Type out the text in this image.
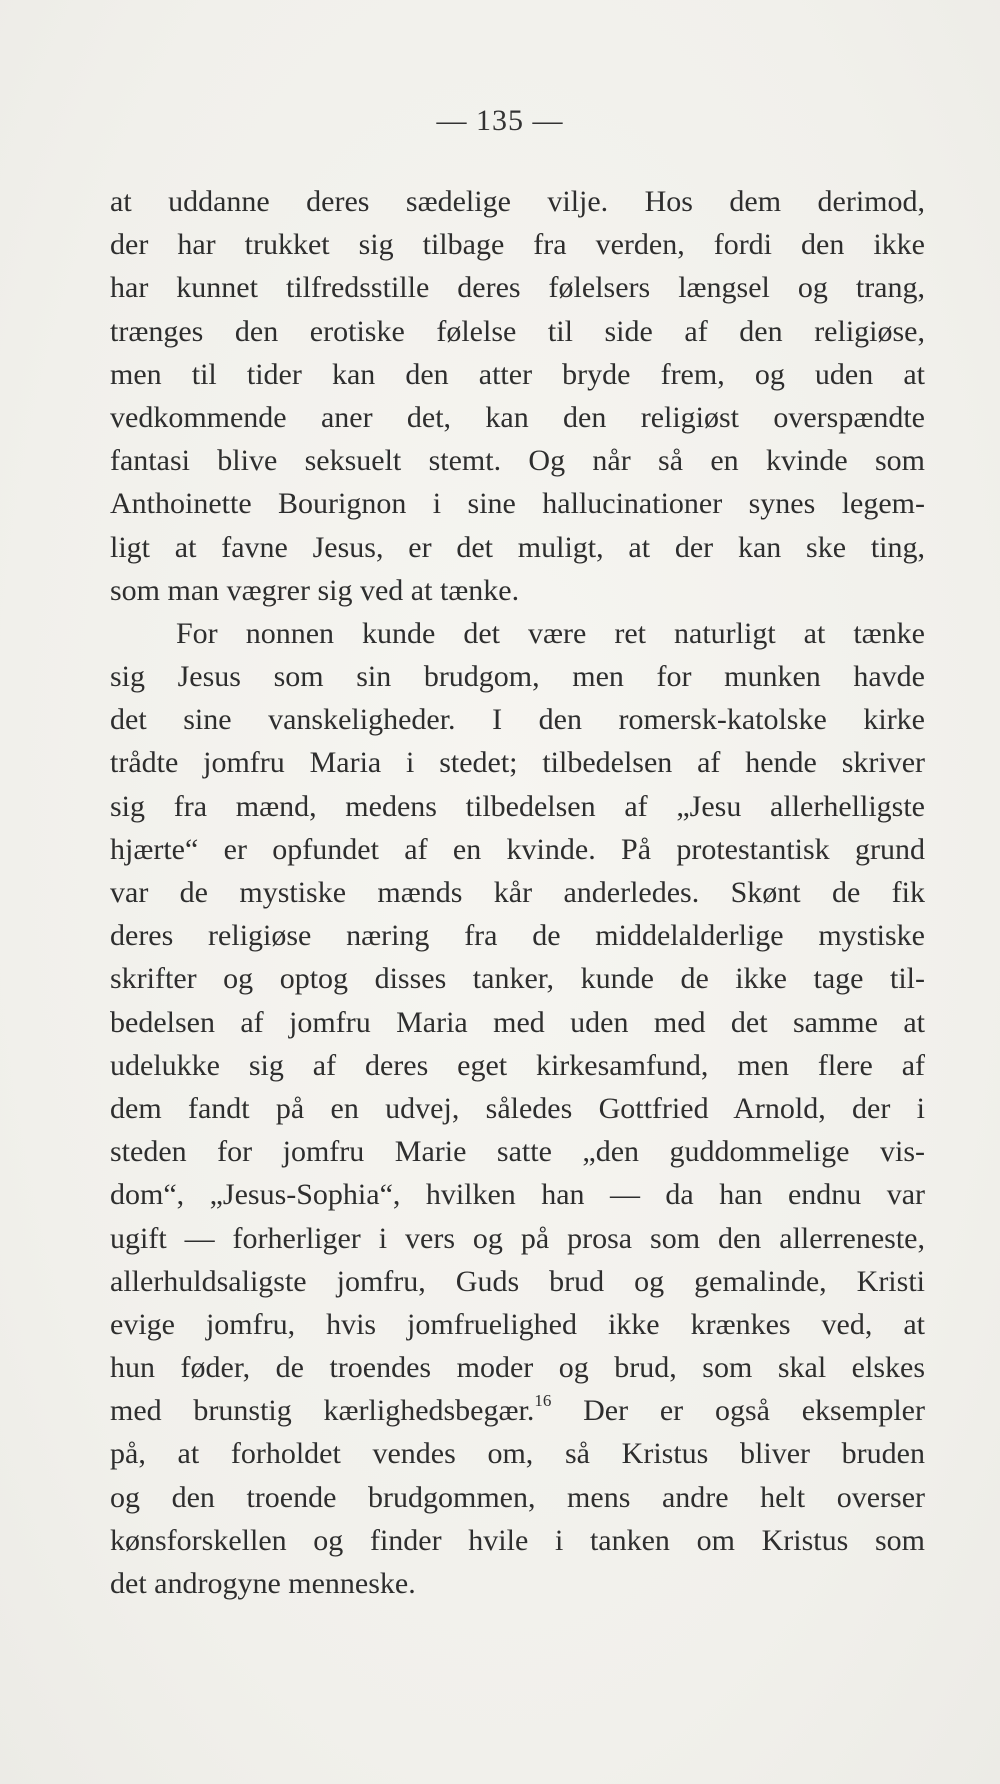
— 135 —
at uddanne deres sædelige vilje. Hos dem derimod,
der har trukket sig tilbage fra verden, fordi den ikke
har kunnet tilfredsstille deres følelsers længsel og trang,
trænges den erotiske følelse til side af den religiøse,
men til tider kan den atter bryde frem, og uden at
vedkommende aner det, kan den religiøst overspændte
fantasi blive seksuelt stemt. Og når så en kvinde som
Anthoinette Bourignon i sine hallucinationer synes legem-
ligt at favne Jesus, er det muligt, at der kan ske ting,
som man vægrer sig ved at tænke.
For nonnen kunde det være ret naturligt at tænke
sig Jesus som sin brudgom, men for munken havde
det sine vanskeligheder. I den romersk-katolske kirke
trådte jomfru Maria i stedet; tilbedelsen af hende skriver
sig fra mænd, medens tilbedelsen af „Jesu allerhelligste
hjærte“ er opfundet af en kvinde. På protestantisk grund
var de mystiske mænds kår anderledes. Skønt de fik
deres religiøse næring fra de middelalderlige mystiske
skrifter og optog disses tanker, kunde de ikke tage til-
bedelsen af jomfru Maria med uden med det samme at
udelukke sig af deres eget kirkesamfund, men flere af
dem fandt på en udvej, således Gottfried Arnold, der i
steden for jomfru Marie satte „den guddommelige vis-
dom“, „Jesus-Sophia“, hvilken han — da han endnu var
ugift — forherliger i vers og på prosa som den allerreneste,
allerhuldsaligste jomfru, Guds brud og gemalinde, Kristi
evige jomfru, hvis jomfruelighed ikke krænkes ved, at
hun føder, de troendes moder og brud, som skal elskes
med brunstig kærlighedsbegær.$^{16}$ Der er også eksempler
på, at forholdet vendes om, så Kristus bliver bruden
og den troende brudgommen, mens andre helt overser
kønsforskellen og finder hvile i tanken om Kristus som
det androgyne menneske.
